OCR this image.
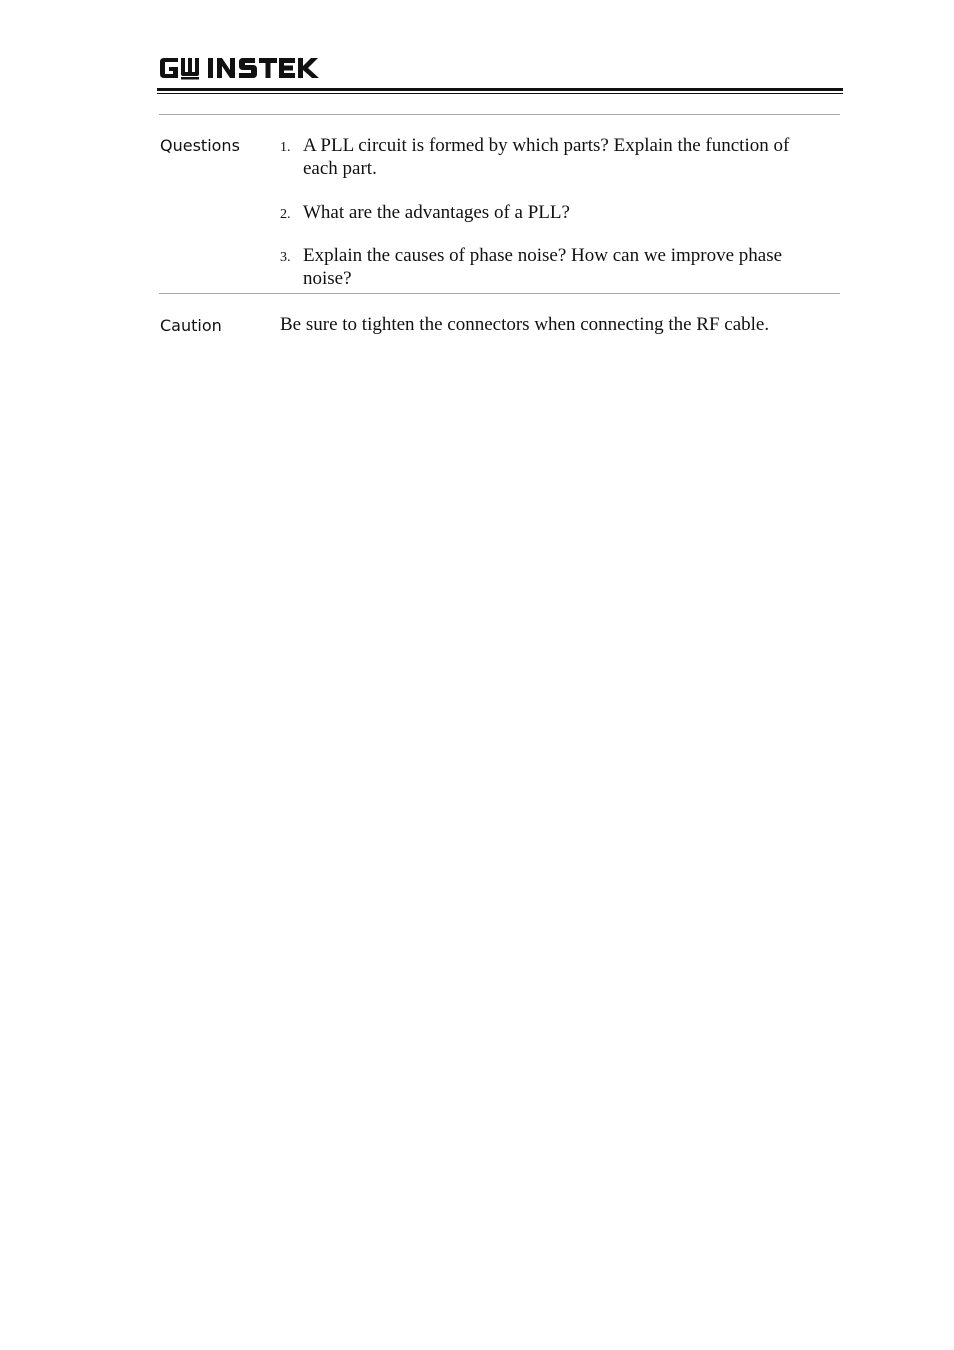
Questions	1. A PLL circuit is formed by which parts? Explain the function of each part.
2. What are the advantages of a PLL?
3. Explain the causes of phase noise? How can we improve phase noise?
Caution	Be sure to tighten the connectors when connecting the RF cable.
